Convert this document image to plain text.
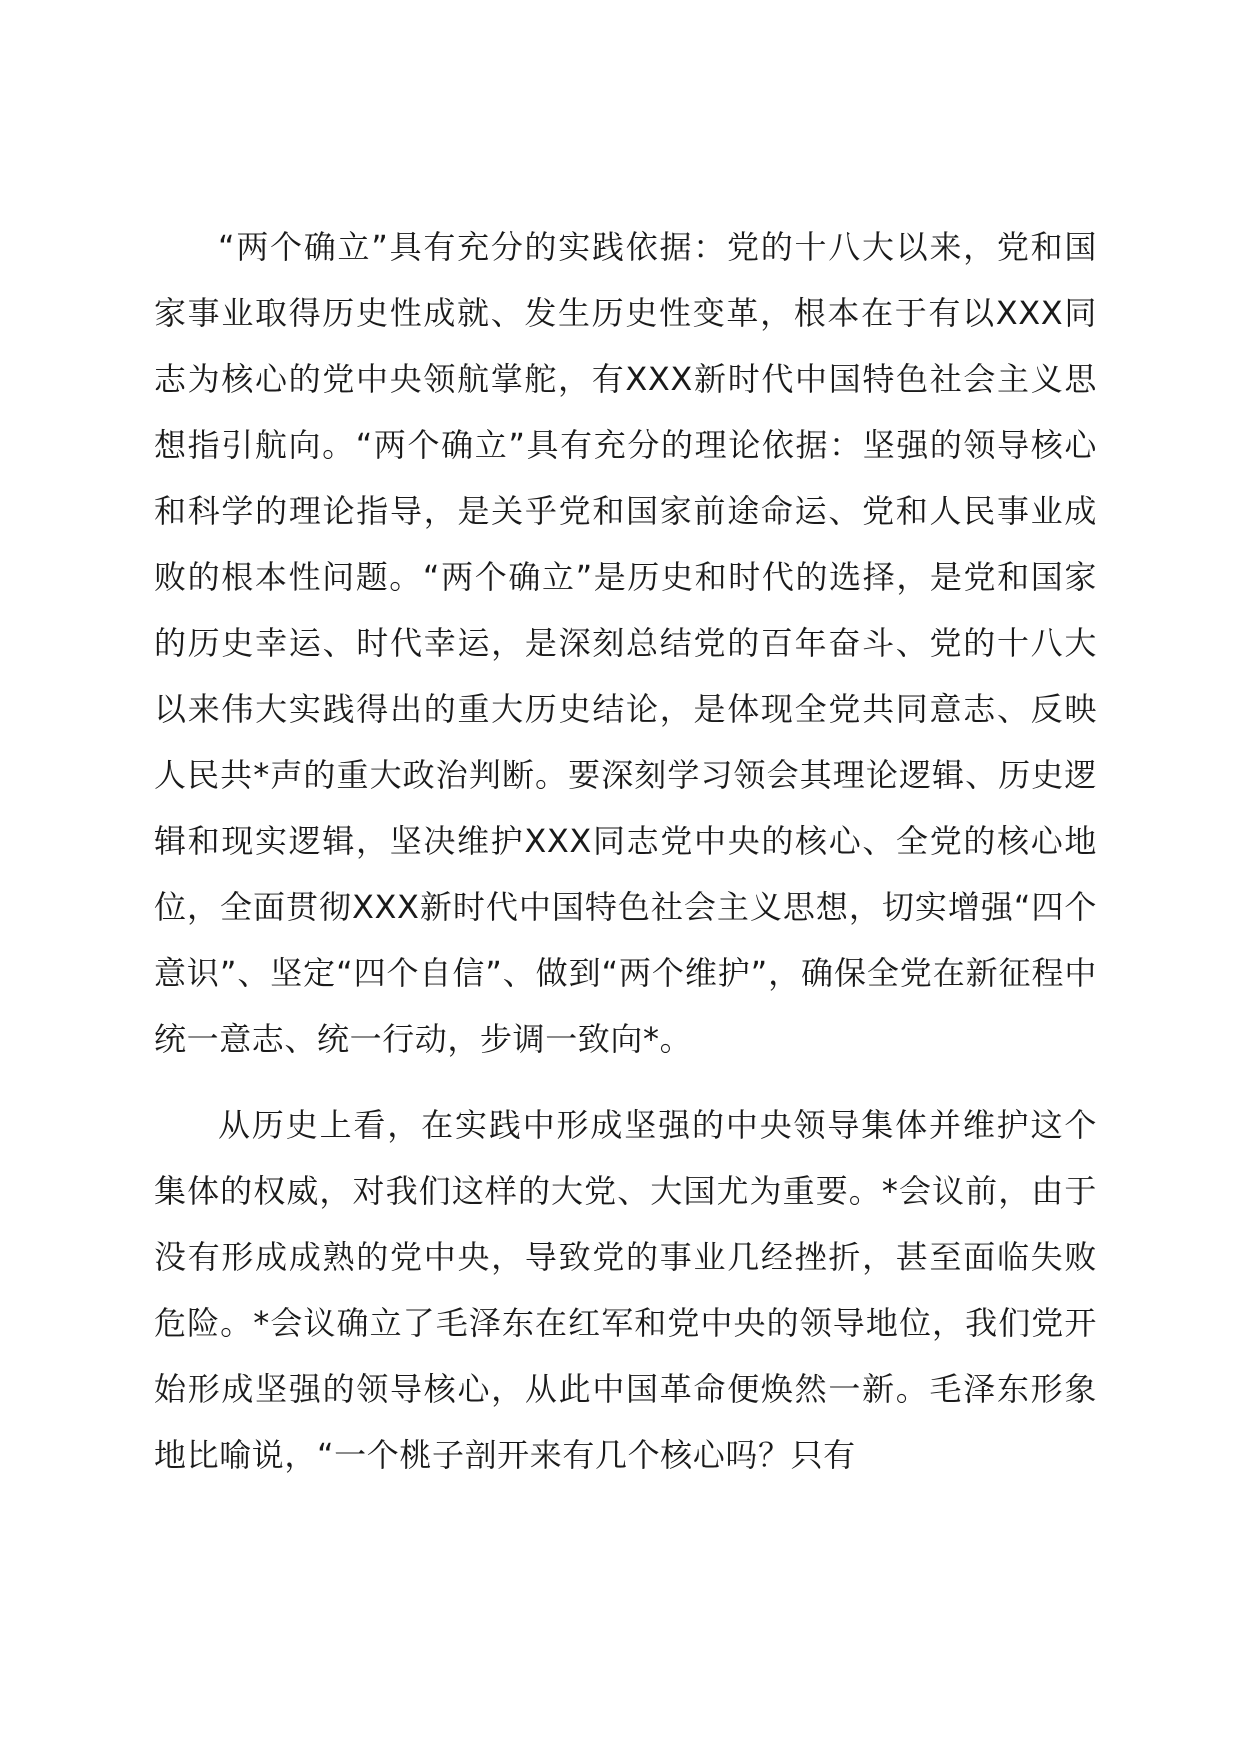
“两个确立”具有充分的实践依据：党的十八大以来，党和国家事业取得历史性成就、发生历史性变革，根本在于有以XXX同志为核心的党中央领航掌舵，有XXX新时代中国特色社会主义思想指引航向。“两个确立”具有充分的理论依据：坚强的领导核心和科学的理论指导，是关乎党和国家前途命运、党和人民事业成败的根本性问题。“两个确立”是历史和时代的选择，是党和国家的历史幸运、时代幸运，是深刻总结党的百年奋斗、党的十八大以来伟大实践得出的重大历史结论，是体现全党共同意志、反映人民共*声的重大政治判断。要深刻学习领会其理论逻辑、历史逻辑和现实逻辑，坚决维护XXX同志党中央的核心、全党的核心地位，全面贯彻XXX新时代中国特色社会主义思想，切实增强“四个意识”、坚定“四个自信”、做到“两个维护”，确保全党在新征程中统一意志、统一行动，步调一致向*。

从历史上看，在实践中形成坚强的中央领导集体并维护这个集体的权威，对我们这样的大党、大国尤为重要。*会议前，由于没有形成成熟的党中央，导致党的事业几经挫折，甚至面临失败危险。*会议确立了毛泽东在红军和党中央的领导地位，我们党开始形成坚强的领导核心，从此中国革命便焕然一新。毛泽东形象地比喻说，“一个桃子剖开来有几个核心吗？只有
